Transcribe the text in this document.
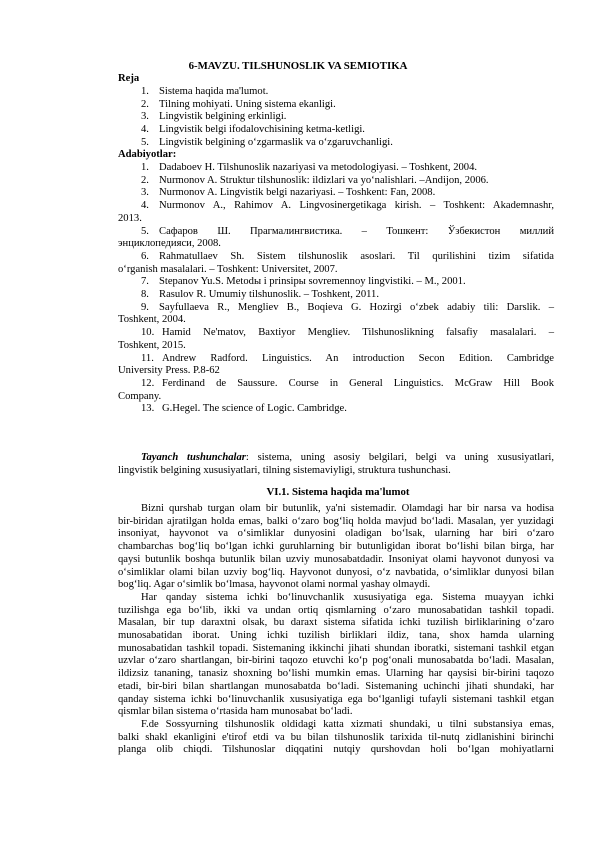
6-MAVZU. TILSHUNOSLIK VA SEMIOTIKA
Reja
1. Sistema haqida ma'lumot.
2. Tilning mohiyati. Uning sistema ekanligi.
3. Lingvistik belgining erkinligi.
4. Lingvistik belgi ifodalovchisining ketma-ketligi.
5. Lingvistik belgining o‘zgarmaslik va o‘zgaruvchanligi.
Adabiyotlar:
1. Dadaboev H. Tilshunoslik nazariyasi va metodologiyasi. – Toshkent, 2004.
2. Nurmonov A. Struktur tilshunoslik: ildizlari va yo‘nalishlari. –Andijon, 2006.
3. Nurmonov A. Lingvistik belgi nazariyasi. – Toshkent: Fan, 2008.
4. Nurmonov A., Rahimov A. Lingvosinergetikaga kirish. – Toshkent: Akademnashr,
2013.
5. Сафаров Ш. Прагмалингвистика. – Тошкент: Ўзбекистон миллий
энциклопедияси, 2008.
6. Rahmatullaev Sh. Sistem tilshunoslik asoslari. Til qurilishini tizim sifatida
o‘rganish masalalari. – Toshkent: Universitet, 2007.
7. Stepanov Yu.S. Metodы i prinsipы sovremennoy lingvistiki. – M., 2001.
8. Rasulov R. Umumiy tilshunoslik. – Toshkent, 2011.
9. Sayfullaeva R., Mengliev B., Boqieva G. Hozirgi o‘zbek adabiy tili: Darslik. –
Toshkent, 2004.
10. Hamid Ne'matov, Baxtiyor Mengliev. Tilshunoslikning falsafiy masalalari. –
Toshkent, 2015.
11. Andrew Radford. Linguistics. An introduction Secon Edition. Cambridge
University Press. P.8-62
12. Ferdinand de Saussure. Course in General Linguistics. McGraw Hill Book
Company.
13. G.Hegel. The science of Logic. Cambridge.
Tayanch tushunchalar: sistema, uning asosiy belgilari, belgi va uning xususiyatlari,
lingvistik belgining xususiyatlari, tilning sistemaviyligi, struktura tushunchasi.
VI.1. Sistema haqida ma'lumot
Bizni qurshab turgan olam bir butunlik, ya'ni sistemadir. Olamdagi har bir narsa va hodisa
bir-biridan ajratilgan holda emas, balki o‘zaro bog‘liq holda mavjud bo‘ladi. Masalan, yer yuzidagi
insoniyat, hayvonot va o‘simliklar dunyosini oladigan bo‘lsak, ularning har biri o‘zaro
chambarchas bog‘liq bo‘lgan ichki guruhlarning bir butunligidan iborat bo‘lishi bilan birga, har
qaysi butunlik boshqa butunlik bilan uzviy munosabatdadir. Insoniyat olami hayvonot dunyosi va
o‘simliklar olami bilan uzviy bog‘liq. Hayvonot dunyosi, o‘z navbatida, o‘simliklar dunyosi bilan
bog‘liq. Agar o‘simlik bo‘lmasa, hayvonot olami normal yashay olmaydi.
Har qanday sistema ichki bo‘linuvchanlik xususiyatiga ega. Sistema muayyan ichki
tuzilishga ega bo‘lib, ikki va undan ortiq qismlarning o‘zaro munosabatidan tashkil topadi.
Masalan, bir tup daraxtni olsak, bu daraxt sistema sifatida ichki tuzilish birliklarining o‘zaro
munosabatidan iborat. Uning ichki tuzilish birliklari ildiz, tana, shox hamda ularning
munosabatidan tashkil topadi. Sistemaning ikkinchi jihati shundan iboratki, sistemani tashkil etgan
uzvlar o‘zaro shartlangan, bir-birini taqozo etuvchi ko‘p pog‘onali munosabatda bo‘ladi. Masalan,
ildizsiz tananing, tanasiz shoxning bo‘lishi mumkin emas. Ularning har qaysisi bir-birini taqozo
etadi, bir-biri bilan shartlangan munosabatda bo‘ladi. Sistemaning uchinchi jihati shundaki, har
qanday sistema ichki bo‘linuvchanlik xususiyatiga ega bo‘lganligi tufayli sistemani tashkil etgan
qismlar bilan sistema o‘rtasida ham munosabat bo‘ladi.
F.de Sossyurning tilshunoslik oldidagi katta xizmati shundaki, u tilni substansiya emas,
balki shakl ekanligini e'tirof etdi va bu bilan tilshunoslik tarixida til-nutq zidlanishini birinchi
planga olib chiqdi. Tilshunoslar diqqatini nutqiy qurshovdan holi bo‘lgan mohiyatlarni
